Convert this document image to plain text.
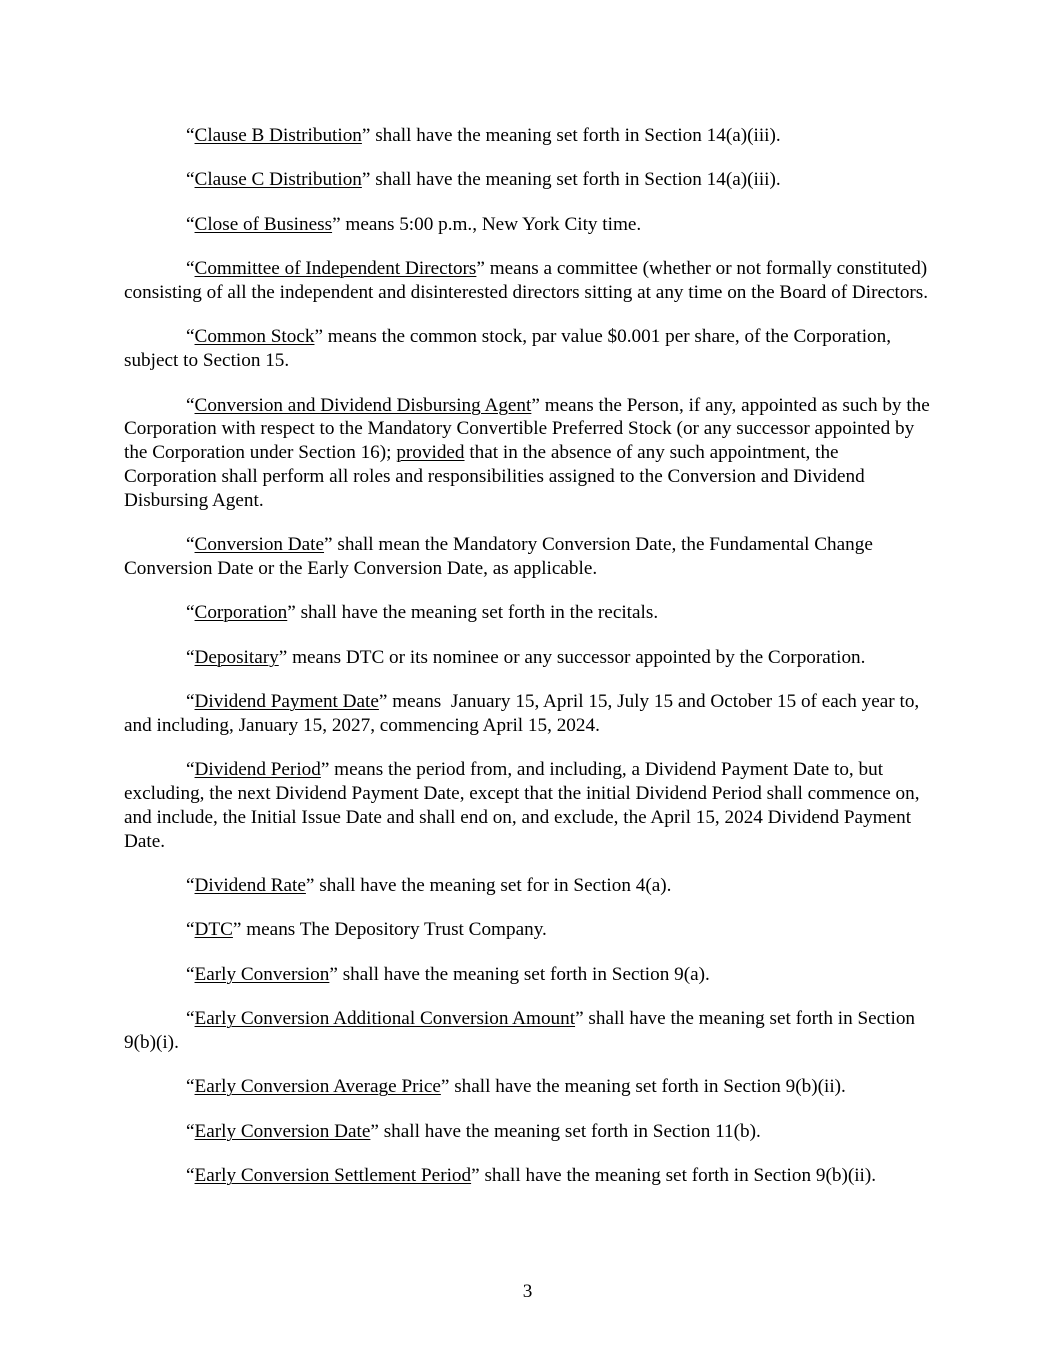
“Clause B Distribution” shall have the meaning set forth in Section 14(a)(iii).

“Clause C Distribution” shall have the meaning set forth in Section 14(a)(iii).

“Close of Business” means 5:00 p.m., New York City time.

“Committee of Independent Directors” means a committee (whether or not formally constituted) consisting of all the independent and disinterested directors sitting at any time on the Board of Directors.

“Common Stock” means the common stock, par value $0.001 per share, of the Corporation, subject to Section 15.

“Conversion and Dividend Disbursing Agent” means the Person, if any, appointed as such by the Corporation with respect to the Mandatory Convertible Preferred Stock (or any successor appointed by the Corporation under Section 16); provided that in the absence of any such appointment, the Corporation shall perform all roles and responsibilities assigned to the Conversion and Dividend Disbursing Agent.

“Conversion Date” shall mean the Mandatory Conversion Date, the Fundamental Change Conversion Date or the Early Conversion Date, as applicable.

“Corporation” shall have the meaning set forth in the recitals.

“Depositary” means DTC or its nominee or any successor appointed by the Corporation.

“Dividend Payment Date” means  January 15, April 15, July 15 and October 15 of each year to, and including, January 15, 2027, commencing April 15, 2024.

“Dividend Period” means the period from, and including, a Dividend Payment Date to, but excluding, the next Dividend Payment Date, except that the initial Dividend Period shall commence on, and include, the Initial Issue Date and shall end on, and exclude, the April 15, 2024 Dividend Payment Date.

“Dividend Rate” shall have the meaning set for in Section 4(a).

“DTC” means The Depository Trust Company.

“Early Conversion” shall have the meaning set forth in Section 9(a).

“Early Conversion Additional Conversion Amount” shall have the meaning set forth in Section 9(b)(i).

“Early Conversion Average Price” shall have the meaning set forth in Section 9(b)(ii).

“Early Conversion Date” shall have the meaning set forth in Section 11(b).

“Early Conversion Settlement Period” shall have the meaning set forth in Section 9(b)(ii).

3
